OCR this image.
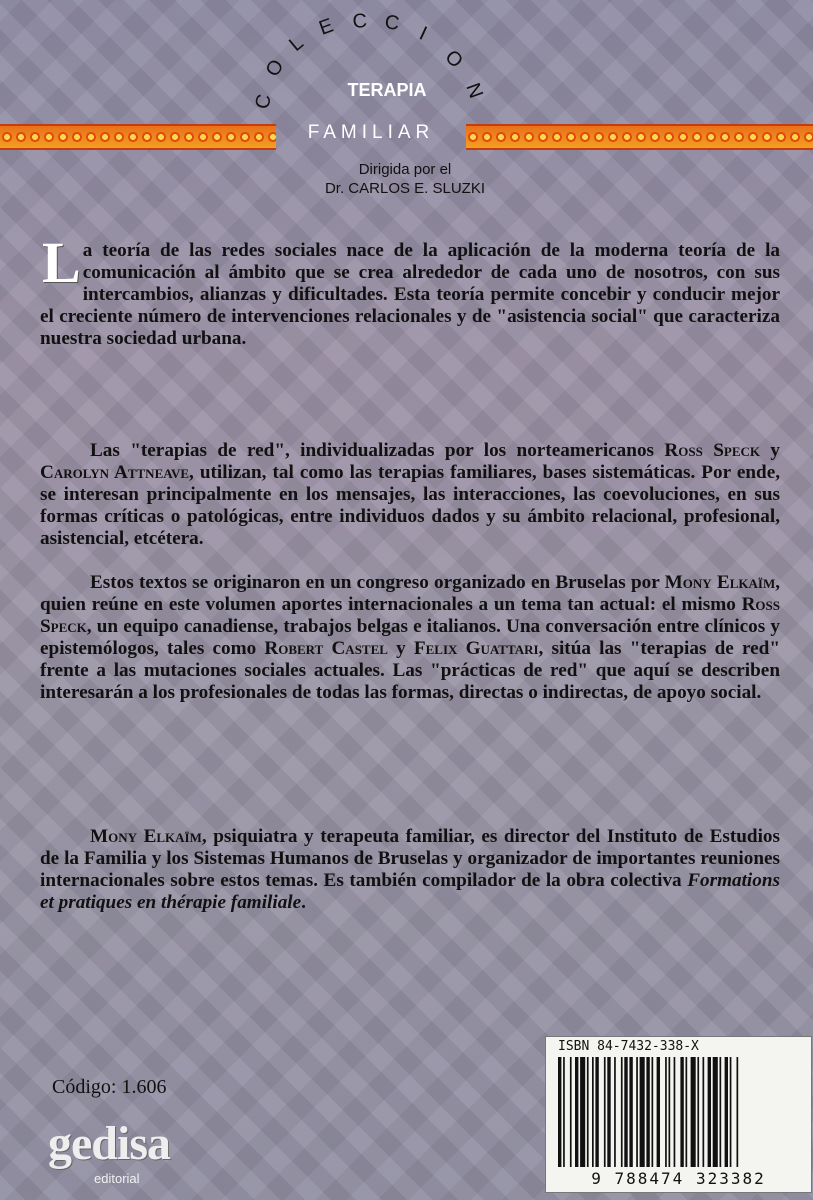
C
O
L
E C C I
O
N
TERAPIA
FAMILIAR
Dirigida por el
Dr. CARLOS E. SLUZKI

La teoría de las redes sociales nace de la aplicación de la moderna teoría de la comunicación al ámbito que se crea alrededor de cada uno de nosotros, con sus intercambios, alianzas y dificultades. Esta teoría permite concebir y conducir mejor el creciente número de intervenciones relacionales y de "asistencia social" que caracteriza nuestra sociedad urbana.

Las "terapias de red", individualizadas por los norteamericanos Ross Speck y Carolyn Attneave, utilizan, tal como las terapias familiares, bases sistemáticas. Por ende, se interesan principalmente en los mensajes, las interacciones, las coevoluciones, en sus formas críticas o patológicas, entre individuos dados y su ámbito relacional, profesional, asistencial, etcétera.

Estos textos se originaron en un congreso organizado en Bruselas por Mony Elkaïm, quien reúne en este volumen aportes internacionales a un tema tan actual: el mismo Ross Speck, un equipo canadiense, trabajos belgas e italianos. Una conversación entre clínicos y epistemólogos, tales como Robert Castel y Felix Guattari, sitúa las "terapias de red" frente a las mutaciones sociales actuales. Las "prácticas de red" que aquí se describen interesarán a los profesionales de todas las formas, directas o indirectas, de apoyo social.

Mony Elkaïm, psiquiatra y terapeuta familiar, es director del Instituto de Estudios de la Familia y los Sistemas Humanos de Bruselas y organizador de importantes reuniones internacionales sobre estos temas. Es también compilador de la obra colectiva Formations et pratiques en thérapie familiale.

Código: 1.606
gedisa
editorial
ISBN 84-7432-338-X
9 788474 323382
